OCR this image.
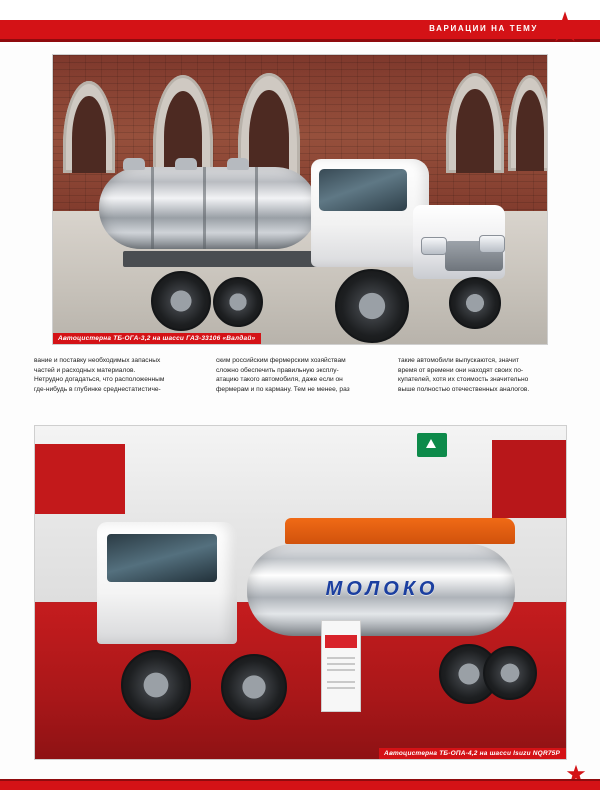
ВАРИАЦИИ НА ТЕМУ
Автоцистерна ТБ-ОГА-3,2 на шасси ГАЗ-33106 «Валдай»
вание и поставку необходимых запасных
частей и расходных материалов.
Нетрудно догадаться, что расположенным
где-нибудь в глубинке среднестатистиче-
ским российским фермерским хозяйствам
сложно обеспечить правильную эксплу-
атацию такого автомобиля, даже если он
фермерам и по карману. Тем не менее, раз
такие автомобили выпускаются, значит
время от времени они находят своих по-
купателей, хотя их стоимость значительно
выше полностью отечественных аналогов.
МОЛОКО
Автоцистерна ТБ-ОПА-4,2 на шасси Isuzu NQR75P
